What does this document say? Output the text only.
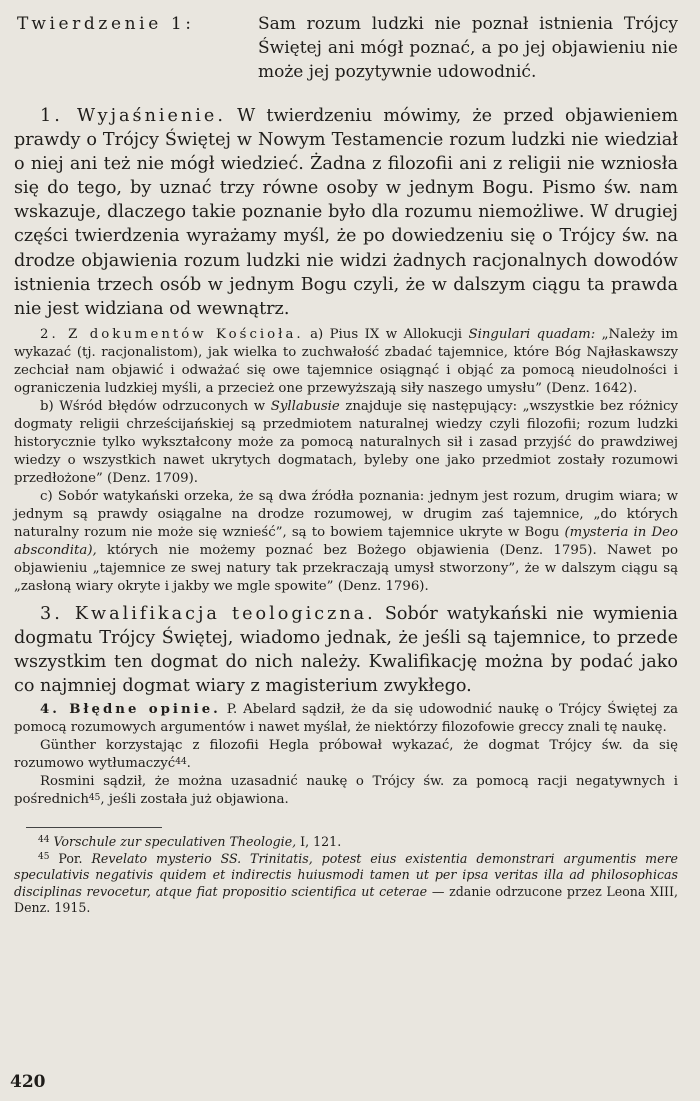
Twierdzenie 1:	Sam rozum ludzki nie poznał istnienia Trójcy Świętej ani mógł poznać, a po jej objawieniu nie może jej pozytywnie udowodnić.

1. Wyjaśnienie. W twierdzeniu mówimy, że przed objawieniem prawdy o Trójcy Świętej w Nowym Testamencie rozum ludzki nie wiedział o niej ani też nie mógł wiedzieć. Żadna z filozofii ani z religii nie wzniosła się do tego, by uznać trzy równe osoby w jednym Bogu. Pismo św. nam wskazuje, dlaczego takie poznanie było dla rozumu niemożliwe. W drugiej części twierdzenia wyrażamy myśl, że po dowiedzeniu się o Trójcy św. na drodze objawienia rozum ludzki nie widzi żadnych racjonalnych dowodów istnienia trzech osób w jednym Bogu czyli, że w dalszym ciągu ta prawda nie jest widziana od wewnątrz.

2. Z dokumentów Kościoła. a) Pius IX w Allokucji Singulari quadam: „Należy im wykazać (tj. racjonalistom), jak wielka to zuchwałość zbadać tajemnice, które Bóg Najłaskawszy zechciał nam objawić i odważać się owe tajemnice osiągnąć i objąć za pomocą nieudolności i ograniczenia ludzkiej myśli, a przecież one przewyższają siły naszego umysłu” (Denz. 1642).

b) Wśród błędów odrzuconych w Syllabusie znajduje się następujący: „wszystkie bez różnicy dogmaty religii chrześcijańskiej są przedmiotem naturalnej wiedzy czyli filozofii; rozum ludzki historycznie tylko wykształcony może za pomocą naturalnych sił i zasad przyjść do prawdziwej wiedzy o wszystkich nawet ukrytych dogmatach, byleby one jako przedmiot zostały rozumowi przedłożone” (Denz. 1709).

c) Sobór watykański orzeka, że są dwa źródła poznania: jednym jest rozum, drugim wiara; w jednym są prawdy osiągalne na drodze rozumowej, w drugim zaś tajemnice, „do których naturalny rozum nie może się wznieść”, są to bowiem tajemnice ukryte w Bogu (mysteria in Deo abscondita), których nie możemy poznać bez Bożego objawienia (Denz. 1795). Nawet po objawieniu „tajemnice ze swej natury tak przekraczają umysł stworzony”, że w dalszym ciągu są „zasłoną wiary okryte i jakby we mgle spowite” (Denz. 1796).

3. Kwalifikacja teologiczna. Sobór watykański nie wymienia dogmatu Trójcy Świętej, wiadomo jednak, że jeśli są tajemnice, to przede wszystkim ten dogmat do nich należy. Kwalifikację można by podać jako co najmniej dogmat wiary z magisterium zwykłego.

4. Błędne opinie. P. Abelard sądził, że da się udowodnić naukę o Trójcy Świętej za pomocą rozumowych argumentów i nawet myślał, że niektórzy filozofowie greccy znali tę naukę.

Günther korzystając z filozofii Hegla próbował wykazać, że dogmat Trójcy św. da się rozumowo wytłumaczyć$^{44}$.

Rosmini sądził, że można uzasadnić naukę o Trójcy św. za pomocą racji negatywnych i pośrednich$^{45}$, jeśli została już objawiona.

$^{44}$ Vorschule zur speculativen Theologie, I, 121.

$^{45}$ Por. Revelato mysterio SS. Trinitatis, potest eius existentia demonstrari argumentis mere speculativis negativis quidem et indirectis huiusmodi tamen ut per ipsa veritas illa ad philosophicas disciplinas revocetur, atque fiat propositio scientifica ut ceterae — zdanie odrzucone przez Leona XIII, Denz. 1915.

420
